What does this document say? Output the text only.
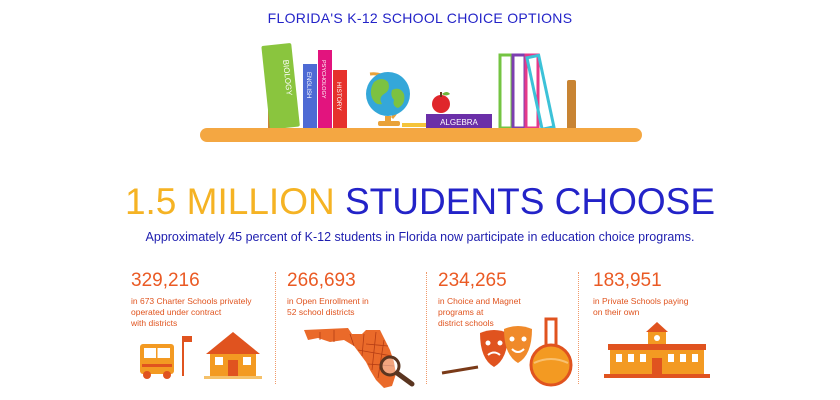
FLORIDA'S K-12 SCHOOL CHOICE OPTIONS
BIOLOGY ENGLISH PSYCHOLOGY HISTORY
ALGEBRA
1.5 MILLION STUDENTS CHOOSE
Approximately 45 percent of K-12 students in Florida now participate in education choice programs.
329,216
in 673 Charter Schools privately
operated under contract
with districts
266,693
in Open Enrollment in
52 school districts
234,265
in Choice and Magnet
programs at
district schools
183,951
in Private Schools paying
on their own
